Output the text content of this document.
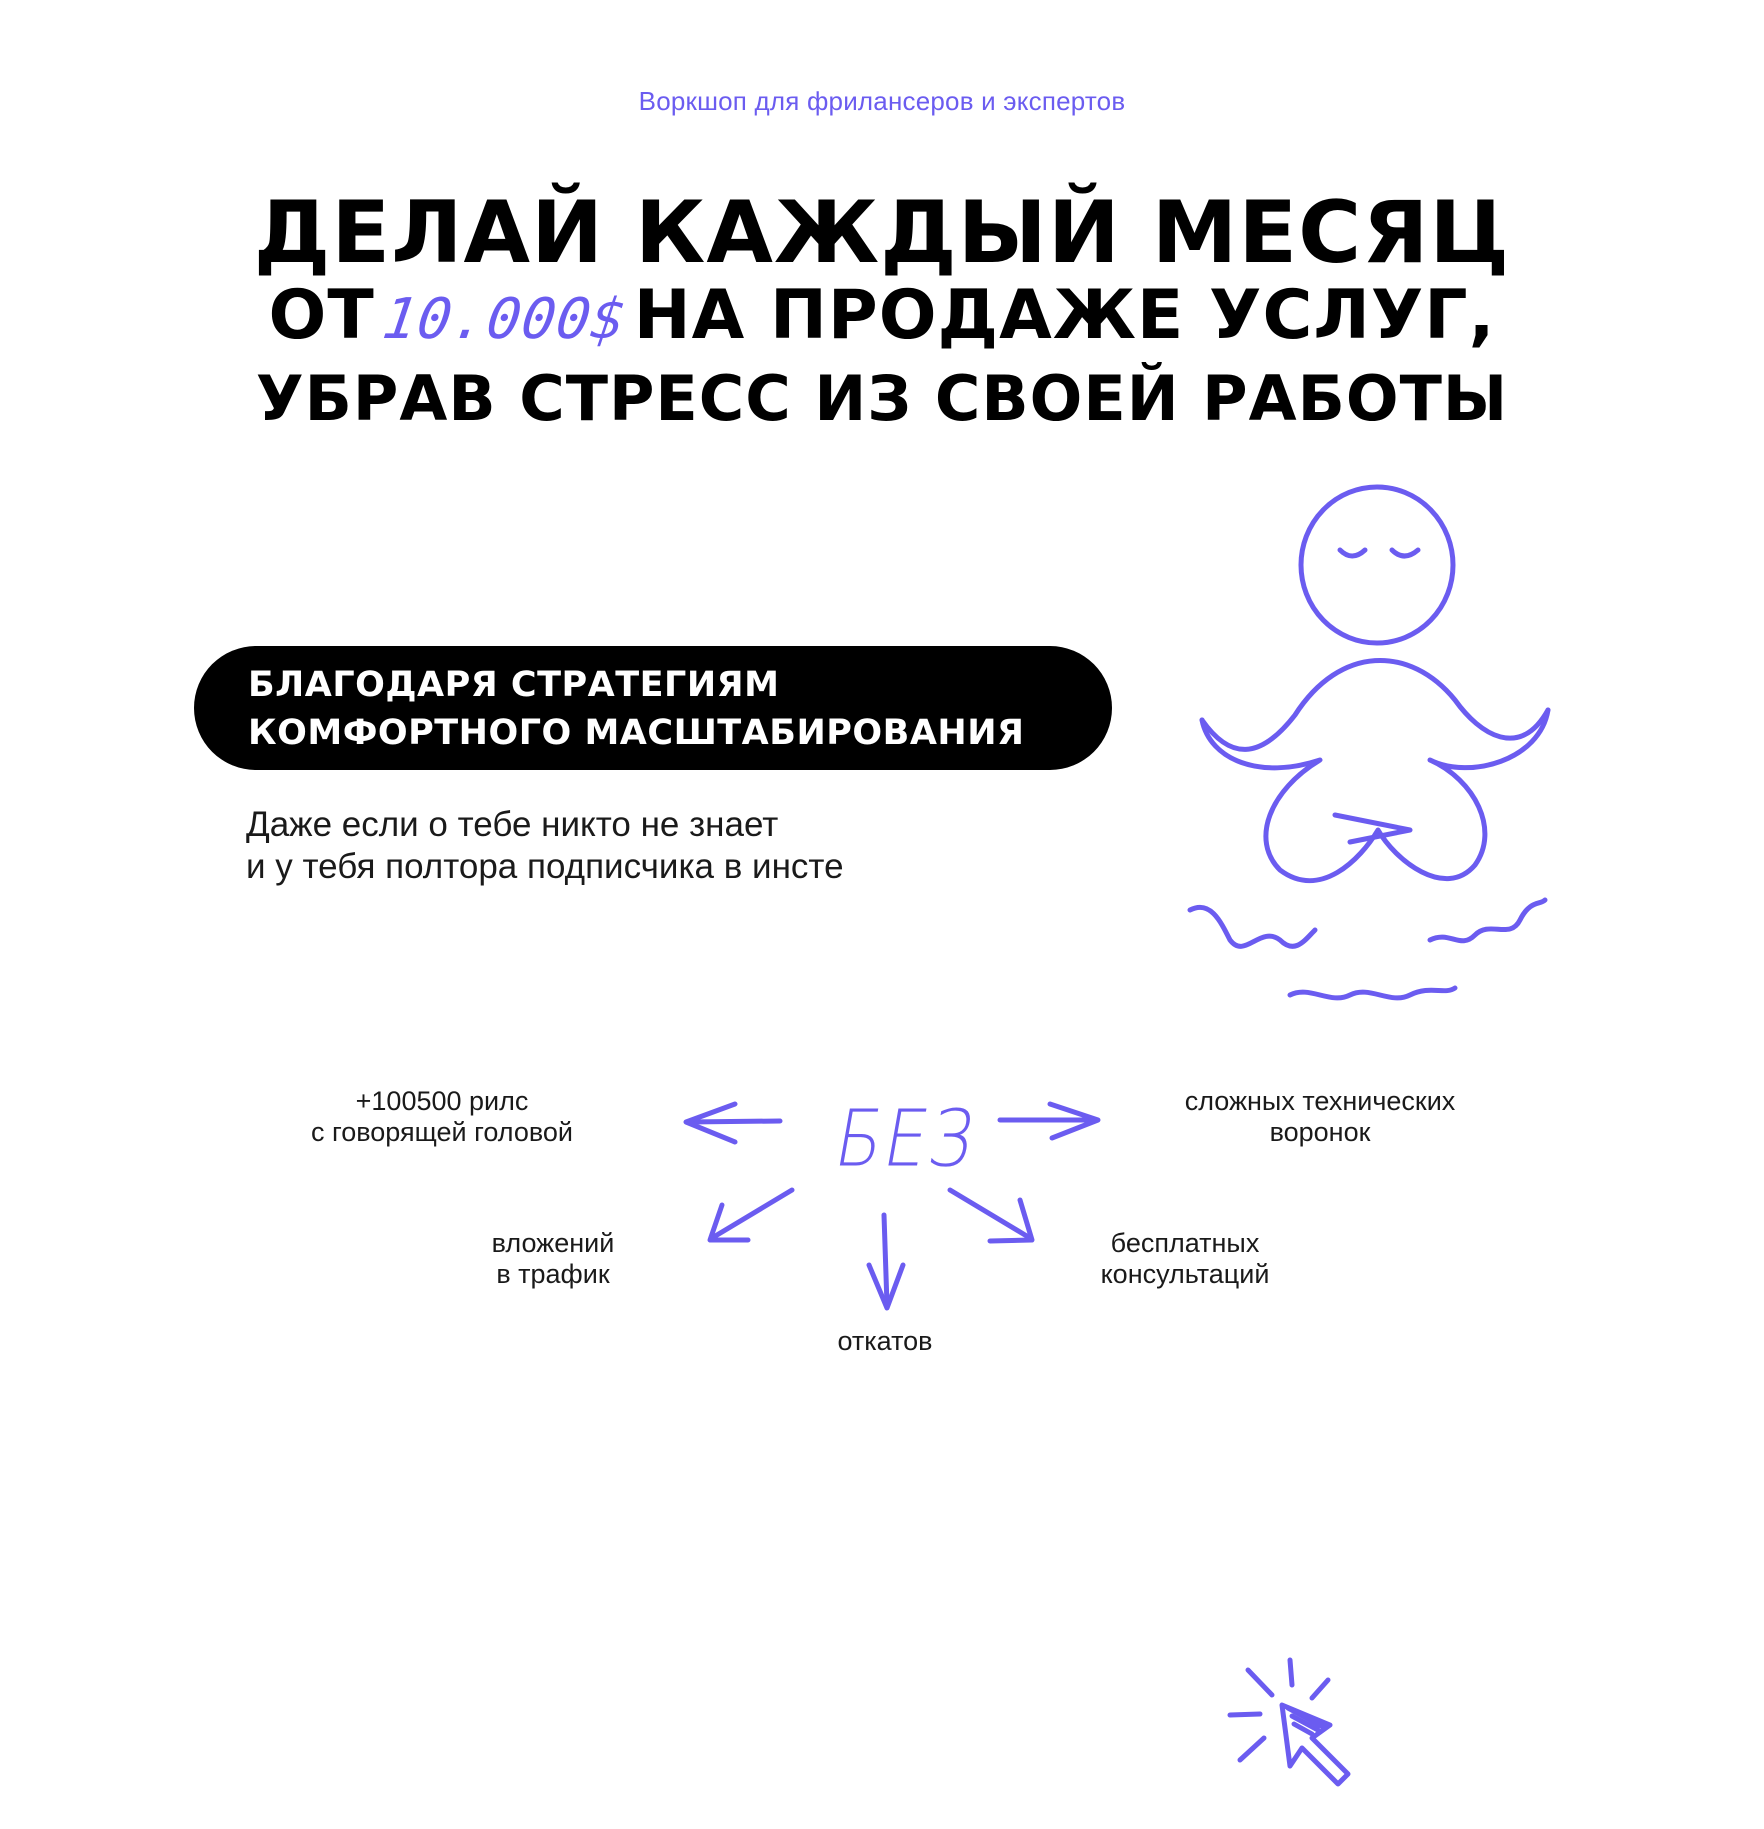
Воркшоп для фрилансеров и экспертов
ДЕЛАЙ КАЖДЫЙ МЕСЯЦ
ОТ10.000$НА ПРОДАЖЕ УСЛУГ,
УБРАВ СТРЕСС ИЗ СВОЕЙ РАБОТЫ
БЛАГОДАРЯ СТРАТЕГИЯМ
КОМФОРТНОГО МАСШТАБИРОВАНИЯ
Даже если о тебе никто не знает
и у тебя полтора подписчика в инсте
БЕЗ
+100500 рилс
с говорящей головой
сложных технических
воронок
вложений
в трафик
бесплатных
консультаций
откатов
